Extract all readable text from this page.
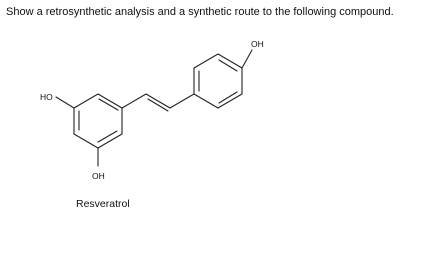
Show a retrosynthetic analysis and a synthetic route to the following compound.
OH
HO
OH
Resveratrol
